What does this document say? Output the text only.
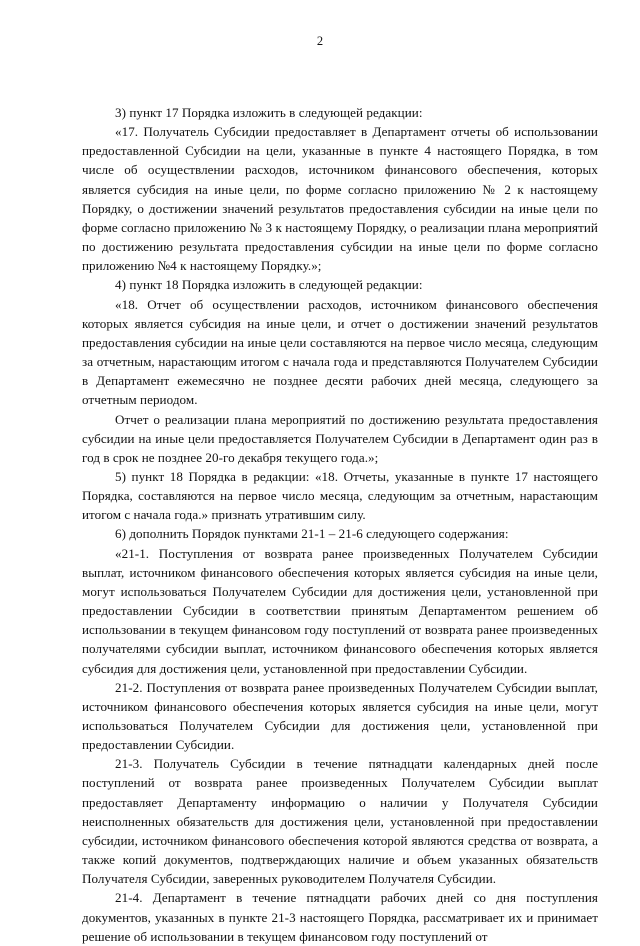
2

3) пункт 17 Порядка изложить в следующей редакции:

«17. Получатель Субсидии предоставляет в Департамент отчеты об использовании предоставленной Субсидии на цели, указанные в пункте 4 настоящего Порядка, в том числе об осуществлении расходов, источником финансового обеспечения, которых является субсидия на иные цели, по форме согласно приложению № 2 к настоящему Порядку, о достижении значений результатов предоставления субсидии на иные цели по форме согласно приложению № 3 к настоящему Порядку, о реализации плана мероприятий по достижению результата предоставления субсидии на иные цели по форме согласно приложению №4 к настоящему Порядку.»;

4) пункт 18 Порядка изложить в следующей редакции:

«18. Отчет об осуществлении расходов, источником финансового обеспечения которых является субсидия на иные цели, и отчет о достижении значений результатов предоставления субсидии на иные цели составляются на первое число месяца, следующим за отчетным, нарастающим итогом с начала года и представляются Получателем Субсидии в Департамент ежемесячно не позднее десяти рабочих дней месяца, следующего за отчетным периодом.

Отчет о реализации плана мероприятий по достижению результата предоставления субсидии на иные цели предоставляется Получателем Субсидии в Департамент один раз в год в срок не позднее 20-го декабря текущего года.»;

5) пункт 18 Порядка в редакции: «18. Отчеты, указанные в пункте 17 настоящего Порядка, составляются на первое число месяца, следующим за отчетным, нарастающим итогом с начала года.» признать утратившим силу.

6) дополнить Порядок пунктами 21-1 – 21-6 следующего содержания:

«21-1. Поступления от возврата ранее произведенных Получателем Субсидии выплат, источником финансового обеспечения которых является субсидия на иные цели, могут использоваться Получателем Субсидии для достижения цели, установленной при предоставлении Субсидии в соответствии принятым Департаментом решением об использовании в текущем финансовом году поступлений от возврата ранее произведенных получателями субсидии выплат, источником финансового обеспечения которых является субсидия для достижения цели, установленной при предоставлении Субсидии.

21-2. Поступления от возврата ранее произведенных Получателем Субсидии выплат, источником финансового обеспечения которых является субсидия на иные цели, могут использоваться Получателем Субсидии для достижения цели, установленной при предоставлении Субсидии.

21-3. Получатель Субсидии в течение пятнадцати календарных дней после поступлений от возврата ранее произведенных Получателем Субсидии выплат предоставляет Департаменту информацию о наличии у Получателя Субсидии неисполненных обязательств для достижения цели, установленной при предоставлении субсидии, источником финансового обеспечения которой являются средства от возврата, а также копий документов, подтверждающих наличие и объем указанных обязательств Получателя Субсидии, заверенных руководителем Получателя Субсидии.

21-4. Департамент в течение пятнадцати рабочих дней со дня поступления документов, указанных в пункте 21-3 настоящего Порядка, рассматривает их и принимает решение об использовании в текущем финансовом году поступлений от
